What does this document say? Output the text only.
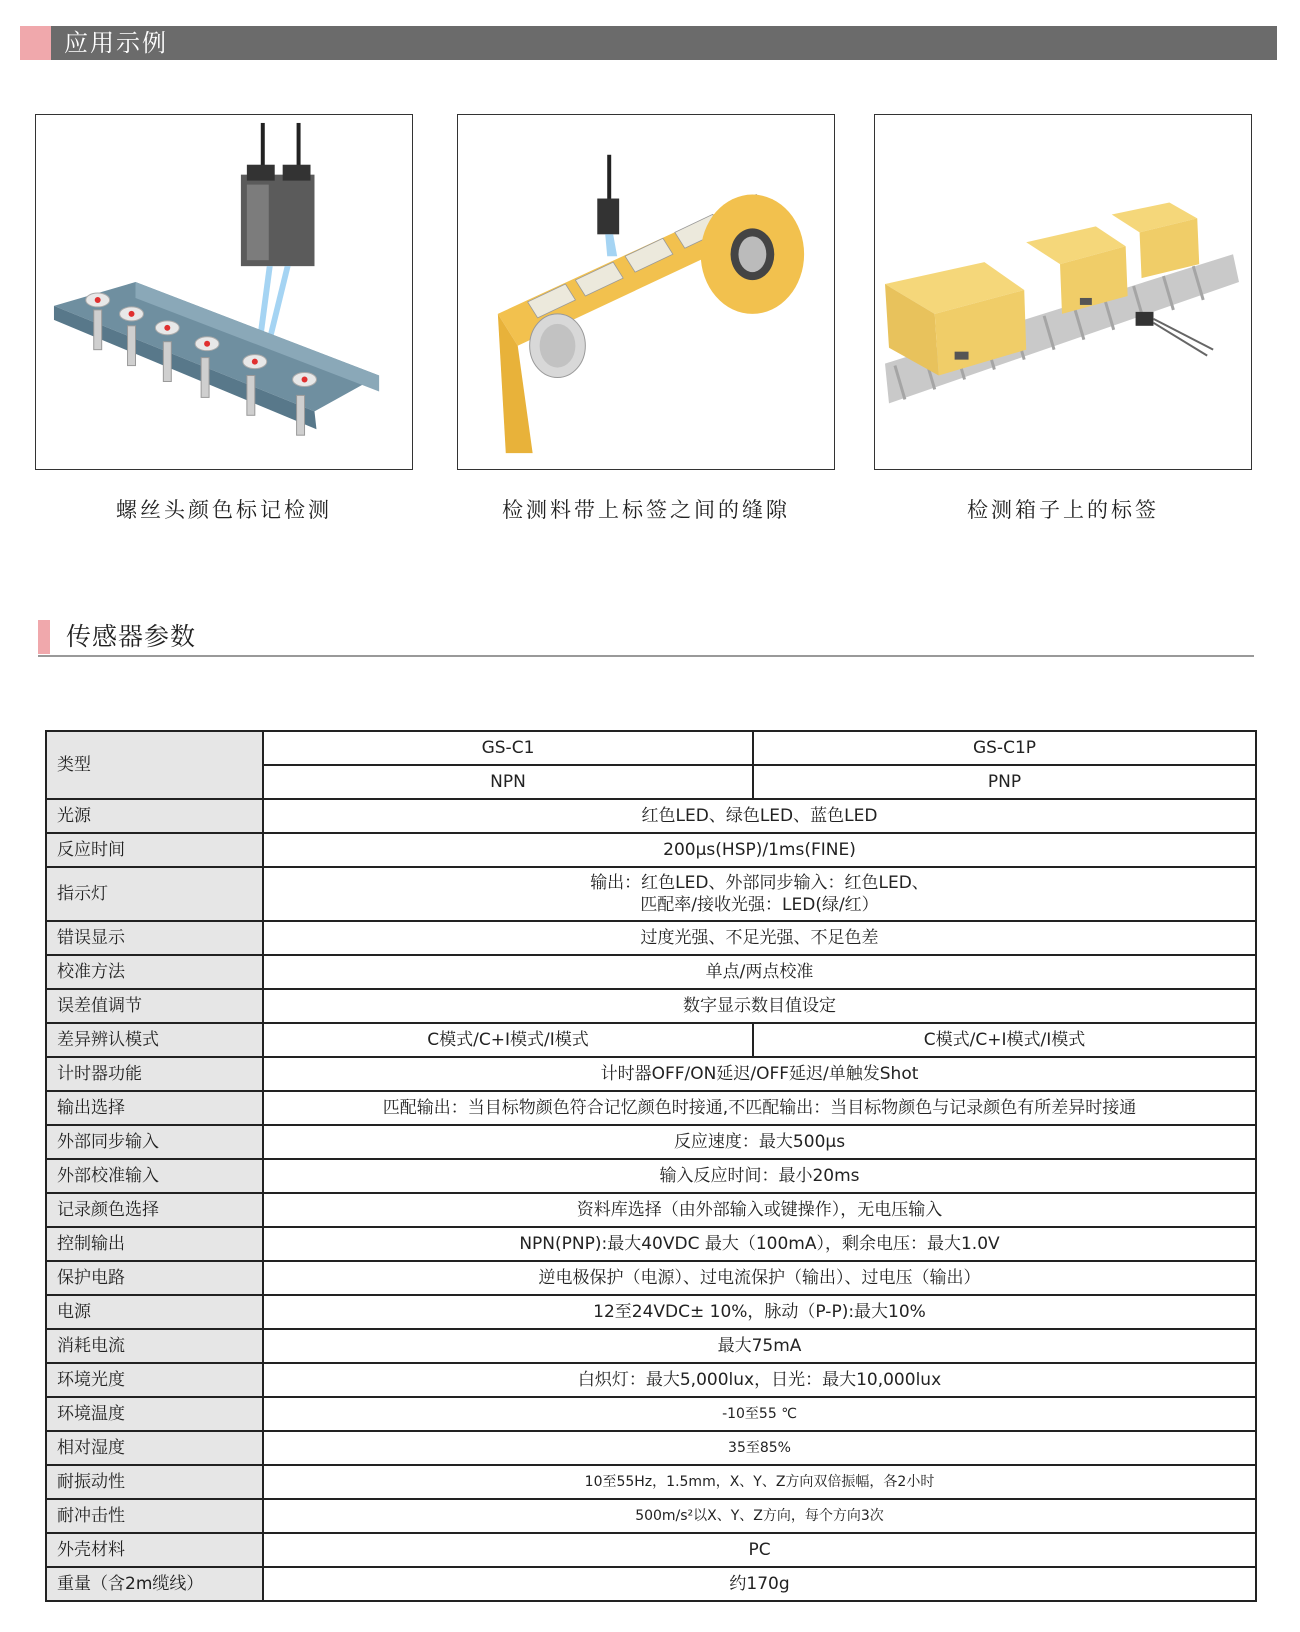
应用示例
螺丝头颜色标记检测	检测料带上标签之间的缝隙	检测箱子上的标签
传感器参数
类型	GS-C1	GS-C1P
	NPN	PNP
光源	红色LED、绿色LED、蓝色LED	
反应时间	200µs(HSP)/1ms(FINE)	
指示灯	输出：红色LED、外部同步输入：红色LED、
匹配率/接收光强：LED(绿/红）	

错误显示	过度光强、不足光强、不足色差	
校准方法	单点/两点校准	
误差值调节	数字显示数目值设定	
差异辨认模式	C模式/C+I模式/I模式	C模式/C+I模式/I模式
计时器功能	计时器OFF/ON延迟/OFF延迟/单触发Shot	
输出选择	匹配输出：当目标物颜色符合记忆颜色时接通,不匹配输出：当目标物颜色与记录颜色有所差异时接通	
外部同步输入	反应速度：最大500µs	
外部校准输入	输入反应时间：最小20ms	
记录颜色选择	资料库选择（由外部输入或键操作），无电压输入	
控制输出	NPN(PNP):最大40VDC 最大（100mA），剩余电压：最大1.0V	
保护电路	逆电极保护（电源）、过电流保护（输出）、过电压（输出）	
电源	12至24VDC± 10%，脉动（P-P):最大10%	
消耗电流	最大75mA	
环境光度	白炽灯：最大5,000lux，日光：最大10,000lux	
环境温度	-10至55 ℃	
相对湿度	35至85%	
耐振动性	10至55Hz，1.5mm，X、Y、Z方向双倍振幅，各2小时	
耐冲击性	500m/s²以X、Y、Z方向，每个方向3次	
外壳材料	PC	
重量（含2m缆线）	约170g	
